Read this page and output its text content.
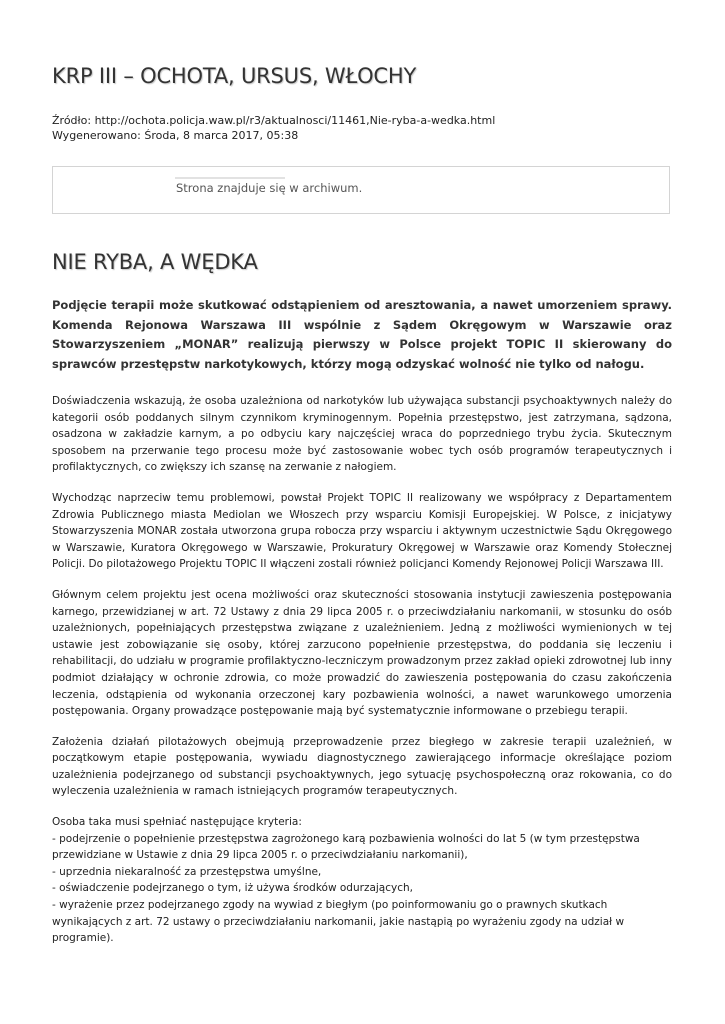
KRP III – OCHOTA, URSUS, WŁOCHY
Źródło: http://ochota.policja.waw.pl/r3/aktualnosci/11461,Nie-ryba-a-wedka.html
Wygenerowano: Środa, 8 marca 2017, 05:38
Strona znajduje się w archiwum.
NIE RYBA, A WĘDKA

Podjęcie terapii może skutkować odstąpieniem od aresztowania, a nawet umorzeniem sprawy. Komenda Rejonowa Warszawa III wspólnie z Sądem Okręgowym w Warszawie oraz Stowarzyszeniem „MONAR” realizują pierwszy w Polsce projekt TOPIC II skierowany do sprawców przestępstw narkotykowych, którzy mogą odzyskać wolność nie tylko od nałogu.

Doświadczenia wskazują, że osoba uzależniona od narkotyków lub używająca substancji psychoaktywnych należy do kategorii osób poddanych silnym czynnikom kryminogennym. Popełnia przestępstwo, jest zatrzymana, sądzona, osadzona w zakładzie karnym, a po odbyciu kary najczęściej wraca do poprzedniego trybu życia. Skutecznym sposobem na przerwanie tego procesu może być zastosowanie wobec tych osób programów terapeutycznych i profilaktycznych, co zwiększy ich szansę na zerwanie z nałogiem.

Wychodząc naprzeciw temu problemowi, powstał Projekt TOPIC II realizowany we współpracy z Departamentem Zdrowia Publicznego miasta Mediolan we Włoszech przy wsparciu Komisji Europejskiej. W Polsce, z inicjatywy Stowarzyszenia MONAR została utworzona grupa robocza przy wsparciu i aktywnym uczestnictwie Sądu Okręgowego w Warszawie, Kuratora Okręgowego w Warszawie, Prokuratury Okręgowej w Warszawie oraz Komendy Stołecznej Policji. Do pilotażowego Projektu TOPIC II włączeni zostali również policjanci Komendy Rejonowej Policji Warszawa III.

Głównym celem projektu jest ocena możliwości oraz skuteczności stosowania instytucji zawieszenia postępowania karnego, przewidzianej w art. 72 Ustawy z dnia 29 lipca 2005 r. o przeciwdziałaniu narkomanii, w stosunku do osób uzależnionych, popełniających przestępstwa związane z uzależnieniem. Jedną z możliwości wymienionych w tej ustawie jest zobowiązanie się osoby, której zarzucono popełnienie przestępstwa, do poddania się leczeniu i rehabilitacji, do udziału w programie profilaktyczno-leczniczym prowadzonym przez zakład opieki zdrowotnej lub inny podmiot działający w ochronie zdrowia, co może prowadzić do zawieszenia postępowania do czasu zakończenia leczenia, odstąpienia od wykonania orzeczonej kary pozbawienia wolności, a nawet warunkowego umorzenia postępowania. Organy prowadzące postępowanie mają być systematycznie informowane o przebiegu terapii.

Założenia działań pilotażowych obejmują przeprowadzenie przez biegłego w zakresie terapii uzależnień, w początkowym etapie postępowania, wywiadu diagnostycznego zawierającego informacje określające poziom uzależnienia podejrzanego od substancji psychoaktywnych, jego sytuację psychospołeczną oraz rokowania, co do wyleczenia uzależnienia w ramach istniejących programów terapeutycznych.

Osoba taka musi spełniać następujące kryteria:
- podejrzenie o popełnienie przestępstwa zagrożonego karą pozbawienia wolności do lat 5 (w tym przestępstwa przewidziane w Ustawie z dnia 29 lipca 2005 r. o przeciwdziałaniu narkomanii),
- uprzednia niekaralność za przestępstwa umyślne,
- oświadczenie podejrzanego o tym, iż używa środków odurzających,
- wyrażenie przez podejrzanego zgody na wywiad z biegłym (po poinformowaniu go o prawnych skutkach wynikających z art. 72 ustawy o przeciwdziałaniu narkomanii, jakie nastąpią po wyrażeniu zgody na udział w programie).
